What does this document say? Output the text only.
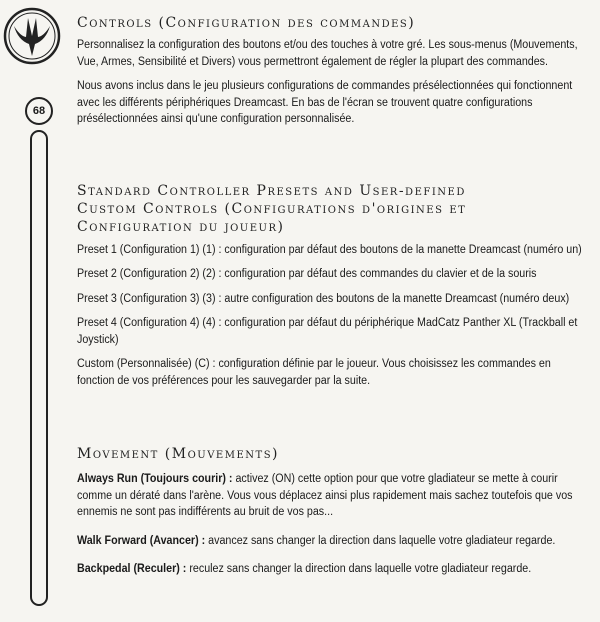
68
Controls (Configuration des commandes)

Personnalisez la configuration des boutons et/ou des touches à votre gré. Les sous-menus (Mouvements, Vue, Armes, Sensibilité et Divers) vous permettront également de régler la plupart des commandes.

Nous avons inclus dans le jeu plusieurs configurations de commandes présélectionnées qui fonctionnent avec les différents périphériques Dreamcast. En bas de l'écran se trouvent quatre configurations présélectionnées ainsi qu'une configuration personnalisée.

Standard Controller Presets and User-defined
Custom Controls (Configurations d'origines et
Configuration du joueur)

Preset 1 (Configuration 1) (1) : configuration par défaut des boutons de la manette Dreamcast (numéro un)

Preset 2 (Configuration 2) (2) : configuration par défaut des commandes du clavier et de la souris

Preset 3 (Configuration 3) (3) : autre configuration des boutons de la manette Dreamcast (numéro deux)

Preset 4 (Configuration 4) (4) : configuration par défaut du périphérique MadCatz Panther XL (Trackball et Joystick)

Custom (Personnalisée) (C) : configuration définie par le joueur. Vous choisissez les commandes en fonction de vos préférences pour les sauvegarder par la suite.

Movement (Mouvements)

Always Run (Toujours courir) : activez (ON) cette option pour que votre gladiateur se mette à courir comme un dératé dans l'arène. Vous vous déplacez ainsi plus rapidement mais sachez toutefois que vos ennemis ne sont pas indifférents au bruit de vos pas...

Walk Forward (Avancer) : avancez sans changer la direction dans laquelle votre gladiateur regarde.

Backpedal (Reculer) : reculez sans changer la direction dans laquelle votre gladiateur regarde.
